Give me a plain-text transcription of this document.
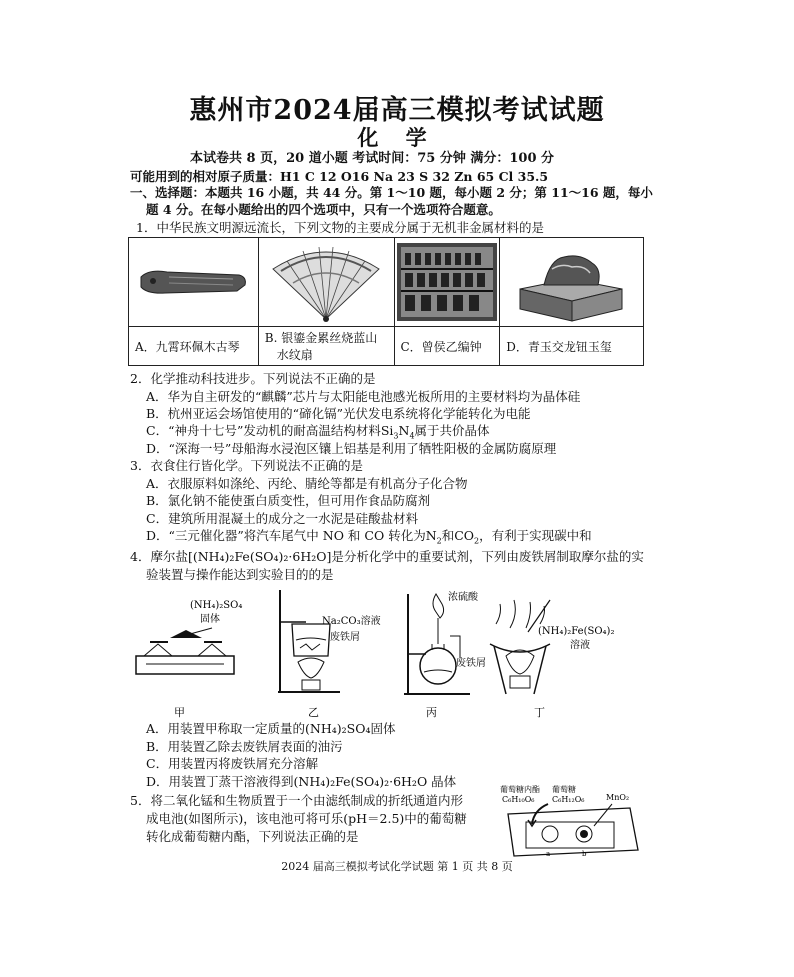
惠州市2024届高三模拟考试试题
化 学
本试卷共 8 页，20 道小题 考试时间：75 分钟 满分：100 分
可能用到的相对原子质量：H1 C 12 O16 Na 23 S 32 Zn 65 Cl 35.5
一、选择题：本题共 16 小题，共 44 分。第 1～10 题，每小题 2 分；第 11～16 题，每小
题 4 分。在每小题给出的四个选项中，只有一个选项符合题意。
1．中华民族文明源远流长，下列文物的主要成分属于无机非金属材料的是

A．九霄环佩木古琴	B. 银鎏金累丝烧蓝山
水纹扇	C．曾侯乙编钟	D．青玉交龙钮玉玺
2．化学推动科技进步。下列说法不正确的是
A．华为自主研发的“麒麟”芯片与太阳能电池感光板所用的主要材料均为晶体硅
B．杭州亚运会场馆使用的“碲化镉”光伏发电系统将化学能转化为电能
C．“神舟十七号”发动机的耐高温结构材料$Si_3N_4$属于共价晶体
D．“深海一号”母船海水浸泡区镶上铝基是利用了牺牲阳极的金属防腐原理
3．衣食住行皆化学。下列说法不正确的是
A．衣服原料如涤纶、丙纶、腈纶等都是有机高分子化合物
B．氯化钠不能使蛋白质变性，但可用作食品防腐剂
C．建筑所用混凝土的成分之一水泥是硅酸盐材料
D．“三元催化器”将汽车尾气中 NO 和 CO 转化为$N_2$和$CO_2$，有利于实现碳中和
4．摩尔盐[(NH₄)₂Fe(SO₄)₂·6H₂O]是分析化学中的重要试剂，下列由废铁屑制取摩尔盐的实
验装置与操作能达到实验目的的是
(NH₄)₂SO₄
固体	Na₂CO₃溶液
废铁屑
浓硫酸
废铁屑
(NH₄)₂Fe(SO₄)₂
溶液
甲	乙	丙	丁
A．用装置甲称取一定质量的(NH₄)₂SO₄固体
B．用装置乙除去废铁屑表面的油污
C．用装置丙将废铁屑充分溶解
D．用装置丁蒸干溶液得到(NH₄)₂Fe(SO₄)₂·6H₂O 晶体
5．将二氧化锰和生物质置于一个由滤纸制成的折纸通道内形
成电池(如图所示)，该电池可将可乐(pH＝2.5)中的葡萄糖
转化成葡萄糖内酯，下列说法正确的是
葡萄糖内酯
C₆H₁₀O₆
葡萄糖
C₆H₁₂O₆	MnO₂
a	b
2024 届高三模拟考试化学试题 第 1 页 共 8 页
